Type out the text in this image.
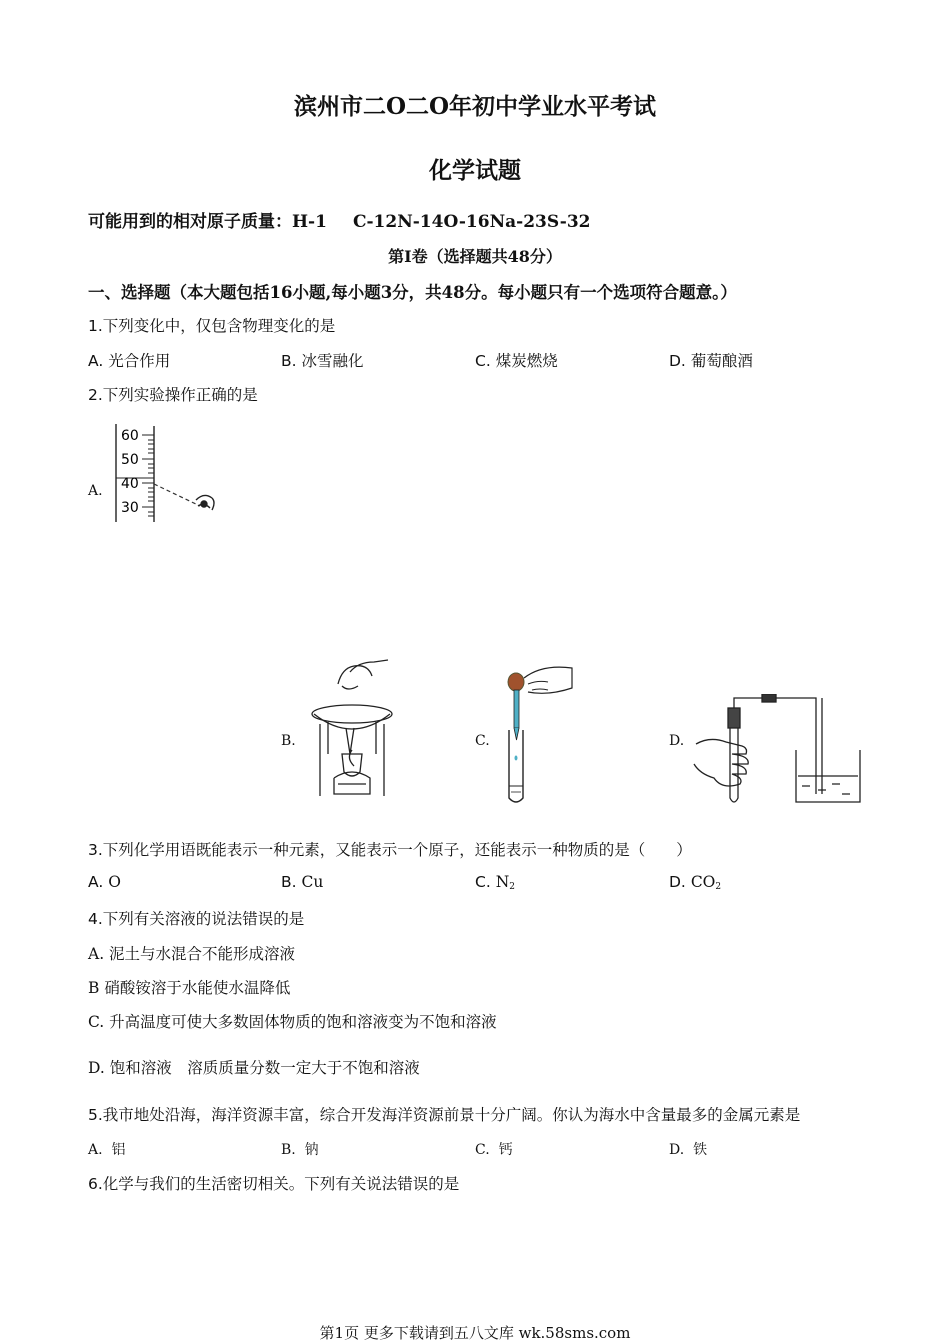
滨州市二O二O年初中学业水平考试
化学试题
可能用到的相对原子质量：H-1 C-12N-14O-16Na-23S-32
第I卷（选择题共48分）
一、选择题（本大题包括16小题,每小题3分，共48分。每小题只有一个选项符合题意。）
1.下列变化中，仅包含物理变化的是
A. 光合作用	B. 冰雪融化	C. 煤炭燃烧	D. 葡萄酿酒
2.下列实验操作正确的是
A.
60
50
40
30
B.	C.	D.
3.下列化学用语既能表示一种元素，又能表示一个原子，还能表示一种物质的是（　　）
A. O	B. Cu	C. $N_2$	D. $CO_2$
4.下列有关溶液的说法错误的是
A. 泥土与水混合不能形成溶液
B 硝酸铵溶于水能使水温降低
C. 升高温度可使大多数固体物质的饱和溶液变为不饱和溶液
D. 饱和溶液　溶质质量分数一定大于不饱和溶液
5.我市地处沿海，海洋资源丰富，综合开发海洋资源前景十分广阔。你认为海水中含量最多的金属元素是
A. 铝	B. 钠	C. 钙	D. 铁
6.化学与我们的生活密切相关。下列有关说法错误的是
第1页 更多下载请到五八文库 wk.58sms.com
